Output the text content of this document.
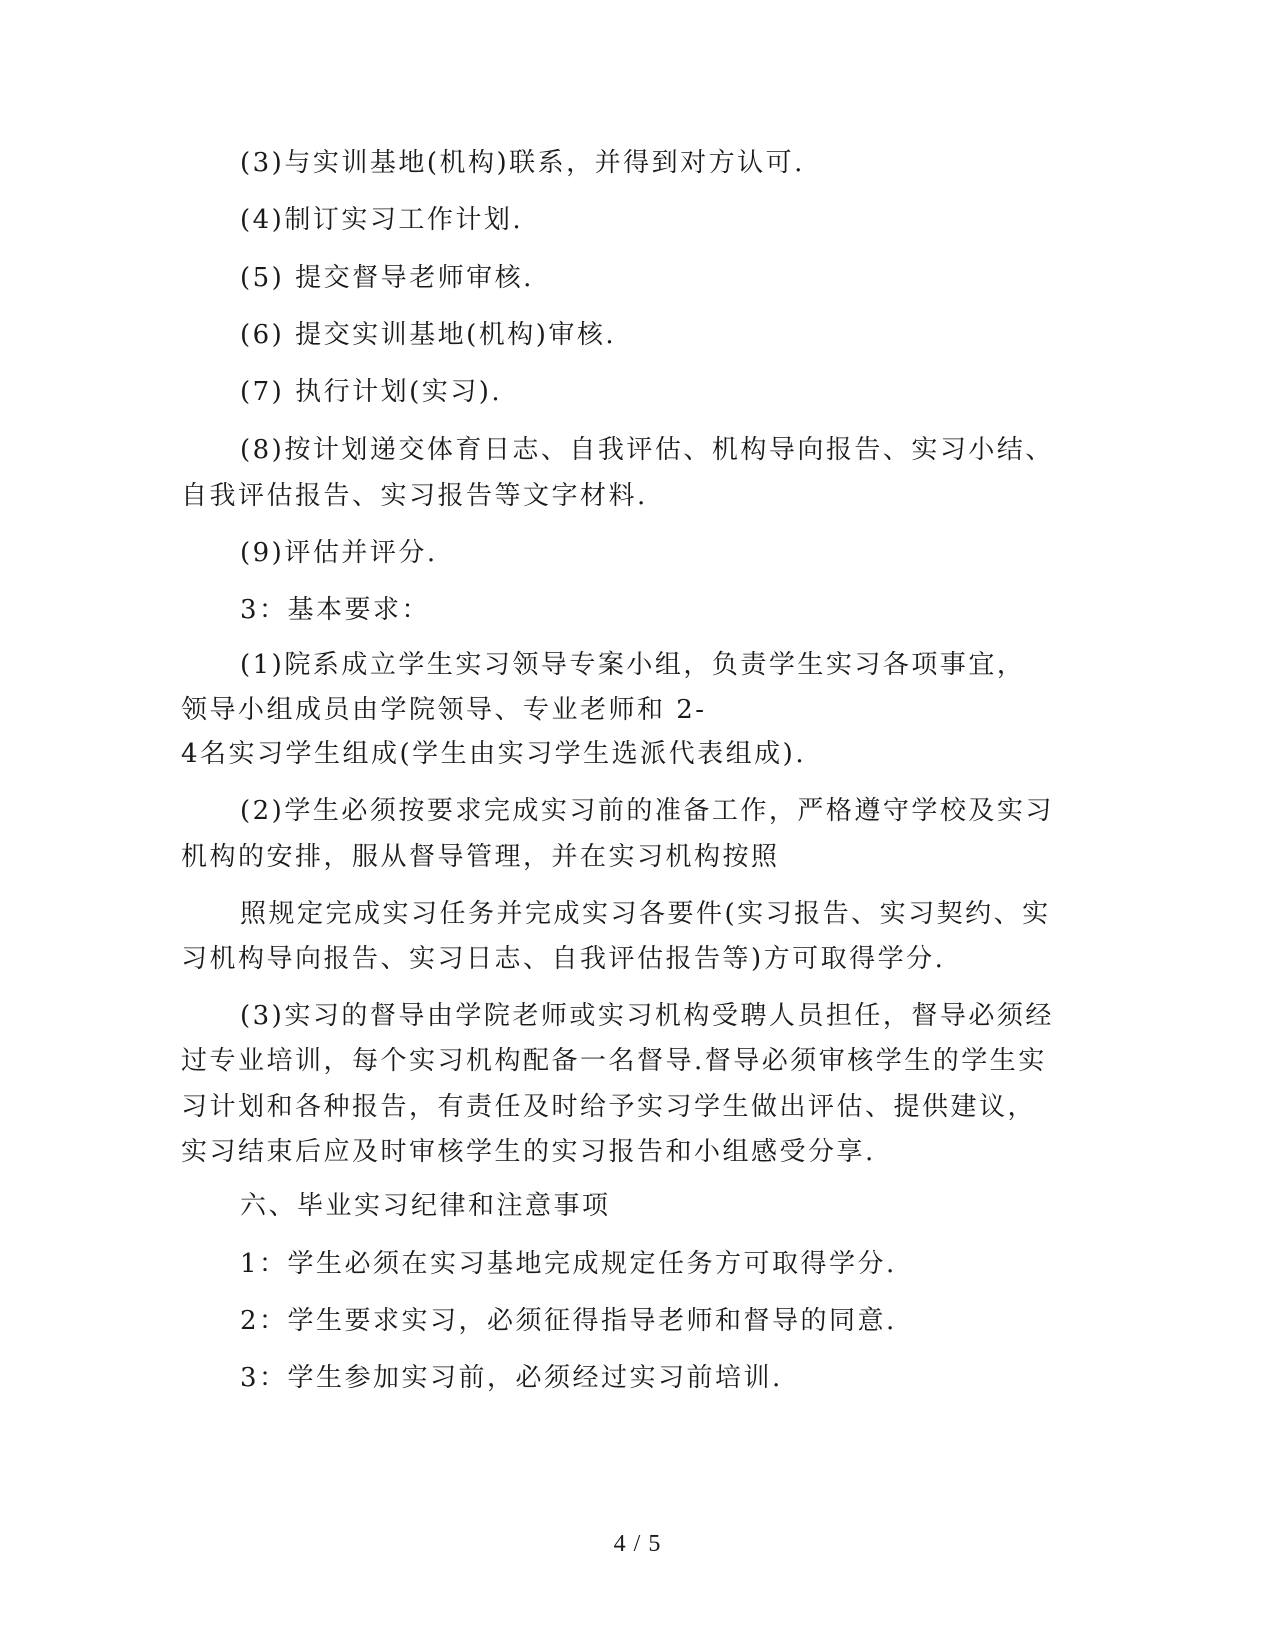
(3)与实训基地(机构)联系，并得到对方认可.
(4)制订实习工作计划.
(5) 提交督导老师审核.
(6) 提交实训基地(机构)审核.
(7) 执行计划(实习).
(8)按计划递交体育日志、自我评估、机构导向报告、实习小结、
自我评估报告、实习报告等文字材料.
(9)评估并评分.
3：基本要求：
(1)院系成立学生实习领导专案小组，负责学生实习各项事宜，
领导小组成员由学院领导、专业老师和 2-
4名实习学生组成(学生由实习学生选派代表组成).
(2)学生必须按要求完成实习前的准备工作，严格遵守学校及实习
机构的安排，服从督导管理，并在实习机构按照
照规定完成实习任务并完成实习各要件(实习报告、实习契约、实
习机构导向报告、实习日志、自我评估报告等)方可取得学分.
(3)实习的督导由学院老师或实习机构受聘人员担任，督导必须经
过专业培训，每个实习机构配备一名督导.督导必须审核学生的学生实
习计划和各种报告，有责任及时给予实习学生做出评估、提供建议，
实习结束后应及时审核学生的实习报告和小组感受分享.
六、毕业实习纪律和注意事项
1：学生必须在实习基地完成规定任务方可取得学分.
2：学生要求实习，必须征得指导老师和督导的同意.
3：学生参加实习前，必须经过实习前培训.
4 / 5
